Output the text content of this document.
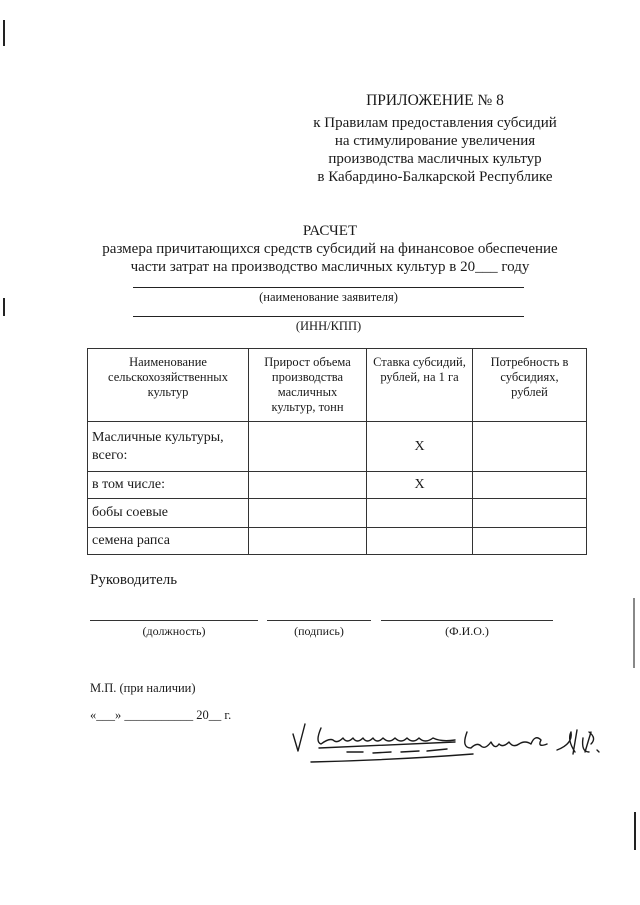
ПРИЛОЖЕНИЕ № 8
к Правилам предоставления субсидий
на стимулирование увеличения
производства масличных культур
в Кабардино-Балкарской Республике
РАСЧЕТ
размера причитающихся средств субсидий на финансовое обеспечение
части затрат на производство масличных культур в 20___ году
(наименование заявителя)
(ИНН/КПП)
Наименование сельскохозяйственных культур	Прирост объема производства масличных культур, тонн	Ставка субсидий, рублей, на 1 га	Потребность в субсидиях, рублей
Масличные культуры, всего:		Х	
в том числе:		Х	
бобы соевые			
семена рапса			
Руководитель
(должность)	(подпись)	(Ф.И.О.)
М.П. (при наличии)
«___» ___________ 20__ г.
